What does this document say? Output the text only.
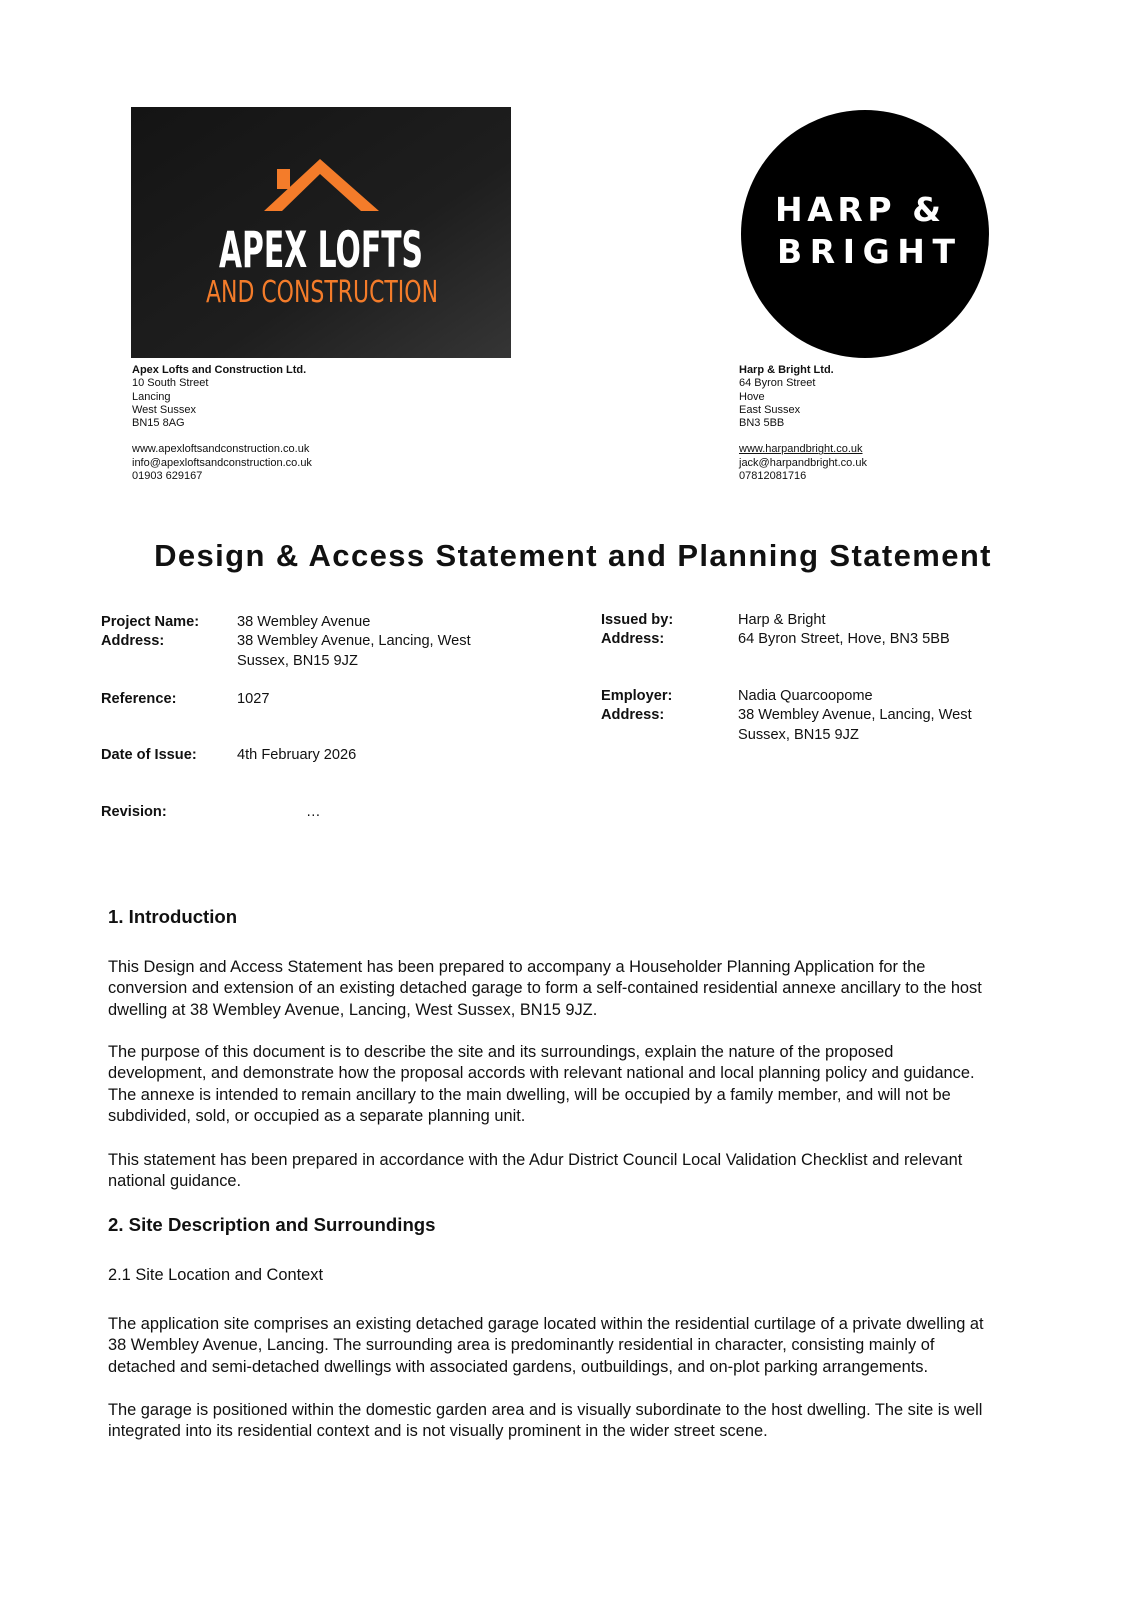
APEX LOFTS
AND CONSTRUCTION
HARP &
BRIGHT
Apex Lofts and Construction Ltd.
10 South Street
Lancing
West Sussex
BN15 8AG
www.apexloftsandconstruction.co.uk
info@apexloftsandconstruction.co.uk
01903 629167
Harp & Bright Ltd.
64 Byron Street
Hove
East Sussex
BN3 5BB
www.harpandbright.co.uk
jack@harpandbright.co.uk
07812081716
Design & Access Statement and Planning Statement
Project Name:	38 Wembley Avenue
Address:	38 Wembley Avenue, Lancing, West
Sussex, BN15 9JZ
Reference:	1027
Date of Issue:	4th February 2026
Revision:	…
Issued by:	Harp & Bright
Address:	64 Byron Street, Hove, BN3 5BB
Employer:	Nadia Quarcoopome
Address:	38 Wembley Avenue, Lancing, West
Sussex, BN15 9JZ
1. Introduction
This Design and Access Statement has been prepared to accompany a Householder Planning Application for the
conversion and extension of an existing detached garage to form a self-contained residential annexe ancillary to the host
dwelling at 38 Wembley Avenue, Lancing, West Sussex, BN15 9JZ.
The purpose of this document is to describe the site and its surroundings, explain the nature of the proposed
development, and demonstrate how the proposal accords with relevant national and local planning policy and guidance.
The annexe is intended to remain ancillary to the main dwelling, will be occupied by a family member, and will not be
subdivided, sold, or occupied as a separate planning unit.
This statement has been prepared in accordance with the Adur District Council Local Validation Checklist and relevant
national guidance.
2. Site Description and Surroundings
2.1 Site Location and Context
The application site comprises an existing detached garage located within the residential curtilage of a private dwelling at
38 Wembley Avenue, Lancing. The surrounding area is predominantly residential in character, consisting mainly of
detached and semi-detached dwellings with associated gardens, outbuildings, and on-plot parking arrangements.
The garage is positioned within the domestic garden area and is visually subordinate to the host dwelling. The site is well
integrated into its residential context and is not visually prominent in the wider street scene.
